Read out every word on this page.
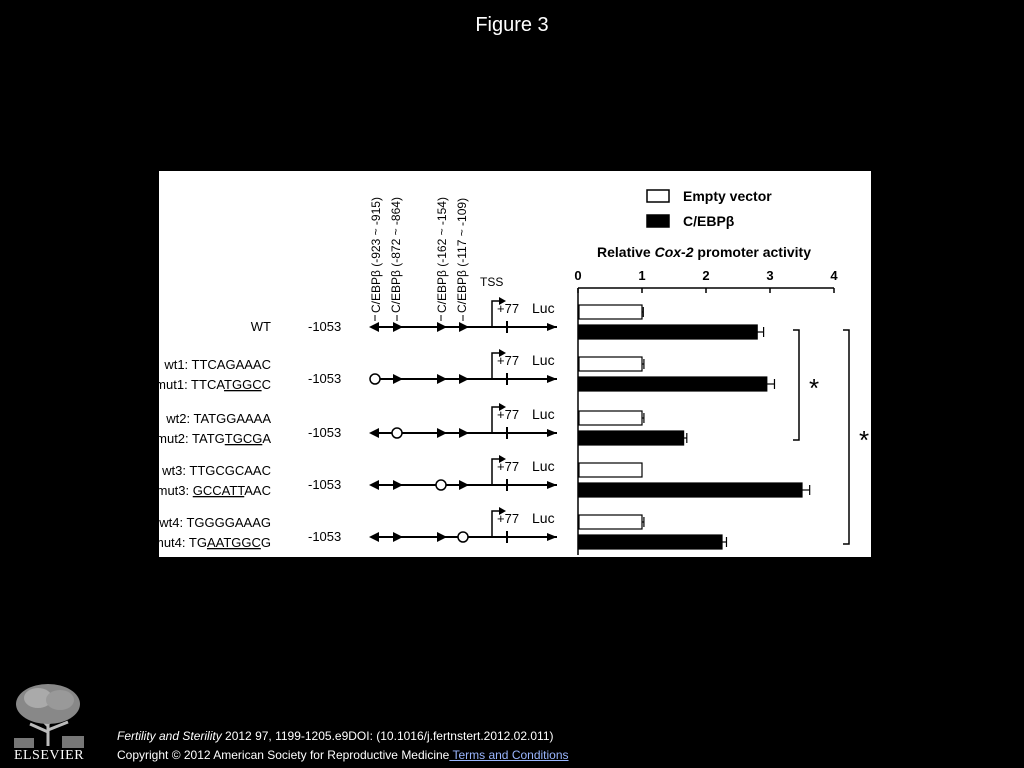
Figure 3
C/EBPβ (-923 ~ -915) C/EBPβ (-872 ~ -864)	C/EBPβ (-162 ~ -154) C/EBPβ (-117 ~ -109) TSS
WT	-1053
+77 Luc
wt1: TTCAGAAAC
mut1: TTCATGGCC	-1053
+77 Luc
wt2: TATGGAAAA
mut2: TATGTGCGA	-1053
+77 Luc
wt3: TTGCGCAAC
mut3: GCCATTAAC	-1053
+77 Luc
wt4: TGGGGAAAG
mut4: TGAATGGCG	-1053
+77 Luc
Relative Cox-2 promoter activity
Empty vector
C/EBPβ
0	1	2	3	4
*
*
ELSEVIER
Fertility and Sterility 2012 97, 1199-1205.e9DOI: (10.1016/j.fertnstert.2012.02.011)
Copyright © 2012 American Society for Reproductive Medicine Terms and Conditions
